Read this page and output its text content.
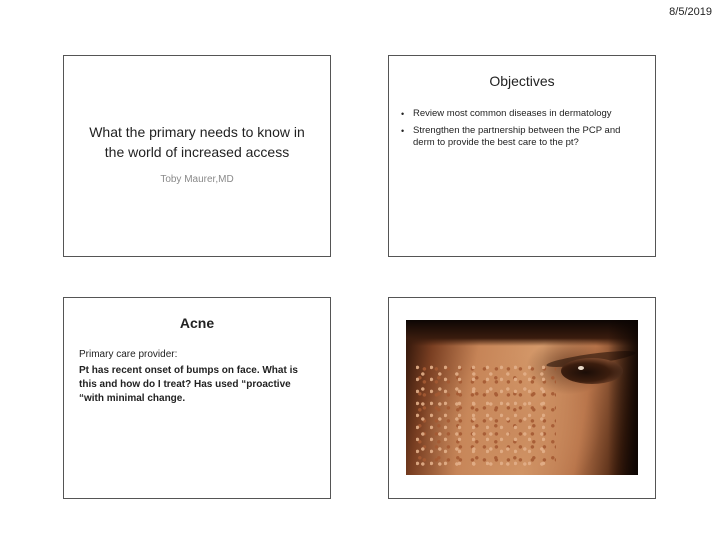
8/5/2019
What the primary needs to know in the world of increased access
Toby Maurer,MD
Objectives
• Review most common diseases in dermatology
• Strengthen the partnership between the PCP and derm to provide the best care to the pt?
Acne
Primary care provider:
Pt has recent onset of bumps on face. What is this and how do I treat? Has used “proactive “with minimal change.
